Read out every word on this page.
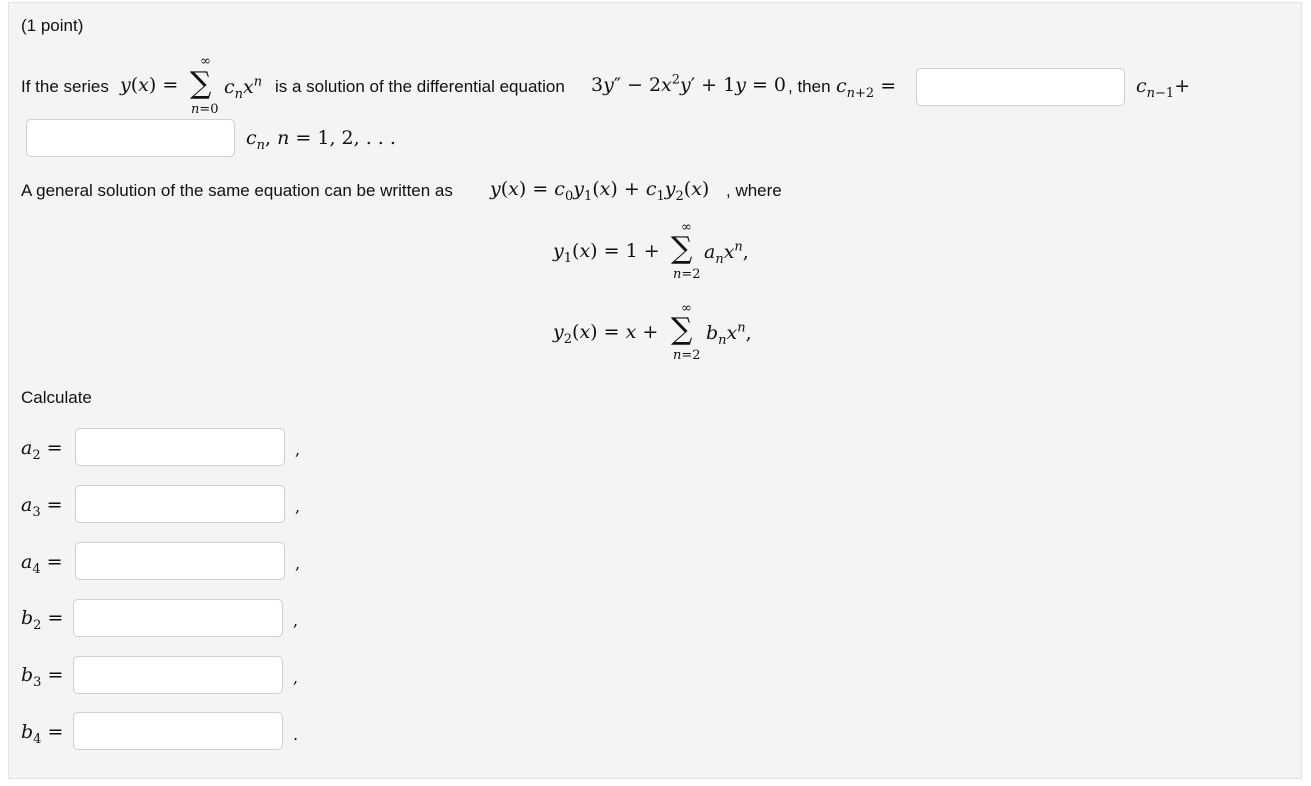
(1 point)
If the series y(x) = ∑
∞
n=0
$c_nx^n$ is a solution of the differential equation $3y'' - 2x^2y' + 1y = 0$ , then $c_{n+2}$ =	$c_{n-1}+$
$c_n$, n = 1, 2, . . .
A general solution of the same equation can be written as $y(x) = c_0y_1(x) + c_1y_2(x)$ , where
$y_1(x) = 1$ + ∑
∞
n=2
$a_nx^n$,
$y_2(x) = x$ + ∑
∞
n=2
$b_nx^n$,
Calculate
$a_2$ =	,
$a_3$ =	,
$a_4$ =	,
$b_2$ =	,
$b_3$ =	,
$b_4$ =	.
